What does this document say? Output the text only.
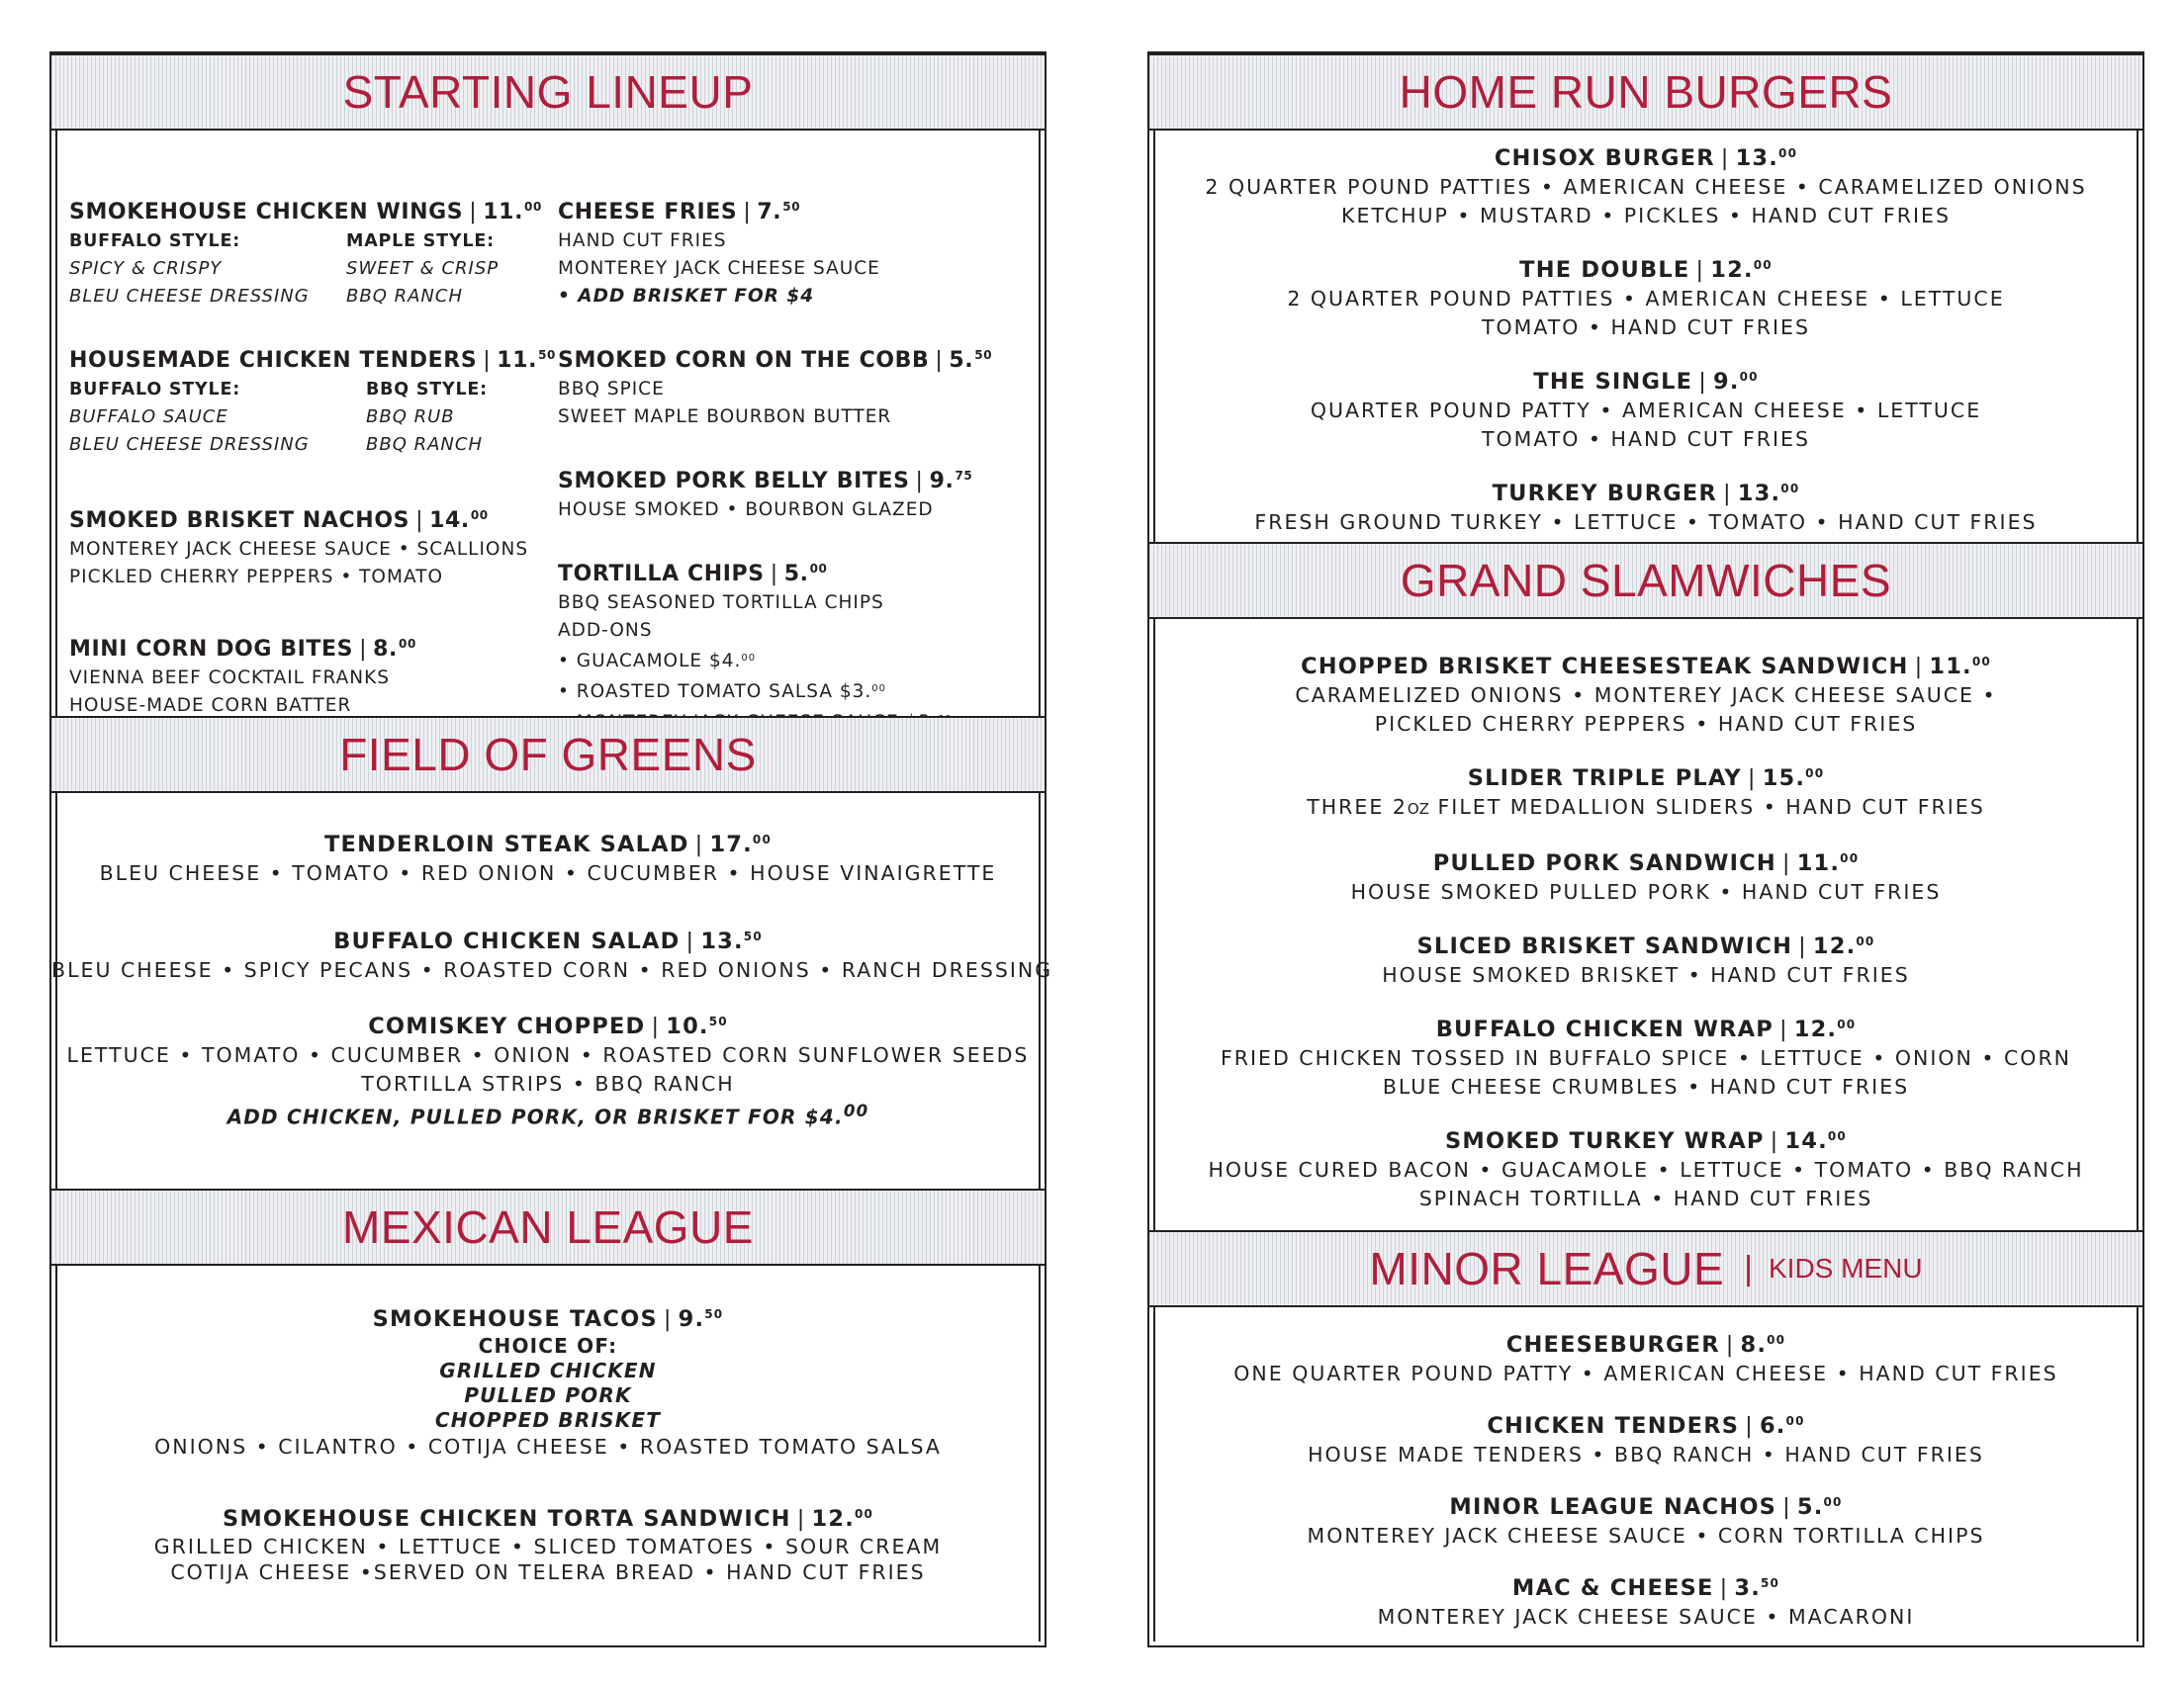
STARTING LINEUP
SMOKEHOUSE CHICKEN WINGS | 11.00
BUFFALO STYLE:
SPICY & CRISPY
BLEU CHEESE DRESSING
MAPLE STYLE:
SWEET & CRISP
BBQ RANCH
HOUSEMADE CHICKEN TENDERS | 11.50
BUFFALO STYLE:
BUFFALO SAUCE
BLEU CHEESE DRESSING
BBQ STYLE:
BBQ RUB
BBQ RANCH
SMOKED BRISKET NACHOS | 14.00
MONTEREY JACK CHEESE SAUCE • SCALLIONS
PICKLED CHERRY PEPPERS • TOMATO
MINI CORN DOG BITES | 8.00
VIENNA BEEF COCKTAIL FRANKS
HOUSE-MADE CORN BATTER
CHEESE FRIES | 7.50
HAND CUT FRIES
MONTEREY JACK CHEESE SAUCE
• ADD BRISKET FOR $4
SMOKED CORN ON THE COBB | 5.50
BBQ SPICE
SWEET MAPLE BOURBON BUTTER
SMOKED PORK BELLY BITES | 9.75
HOUSE SMOKED • BOURBON GLAZED
TORTILLA CHIPS | 5.00
BBQ SEASONED TORTILLA CHIPS
ADD-ONS
• GUACAMOLE $4.00
• ROASTED TOMATO SALSA $3.00
FIELD OF GREENS
TENDERLOIN STEAK SALAD | 17.00
BLEU CHEESE • TOMATO • RED ONION • CUCUMBER • HOUSE VINAIGRETTE
BUFFALO CHICKEN SALAD | 13.50
BLEU CHEESE • SPICY PECANS • ROASTED CORN • RED ONIONS • RANCH DRESSING
COMISKEY CHOPPED | 10.50
LETTUCE • TOMATO • CUCUMBER • ONION • ROASTED CORN SUNFLOWER SEEDS
TORTILLA STRIPS • BBQ RANCH
ADD CHICKEN, PULLED PORK, OR BRISKET FOR $4.00
MEXICAN LEAGUE
SMOKEHOUSE TACOS | 9.50
CHOICE OF:
GRILLED CHICKEN
PULLED PORK
CHOPPED BRISKET
ONIONS • CILANTRO • COTIJA CHEESE • ROASTED TOMATO SALSA
SMOKEHOUSE CHICKEN TORTA SANDWICH | 12.00
GRILLED CHICKEN • LETTUCE • SLICED TOMATOES • SOUR CREAM
COTIJA CHEESE •SERVED ON TELERA BREAD • HAND CUT FRIES
HOME RUN BURGERS
CHISOX BURGER | 13.00
2 QUARTER POUND PATTIES • AMERICAN CHEESE • CARAMELIZED ONIONS
KETCHUP • MUSTARD • PICKLES • HAND CUT FRIES
THE DOUBLE | 12.00
2 QUARTER POUND PATTIES • AMERICAN CHEESE • LETTUCE
TOMATO • HAND CUT FRIES
THE SINGLE | 9.00
QUARTER POUND PATTY • AMERICAN CHEESE • LETTUCE
TOMATO • HAND CUT FRIES
TURKEY BURGER | 13.00
FRESH GROUND TURKEY • LETTUCE • TOMATO • HAND CUT FRIES
GRAND SLAMWICHES
CHOPPED BRISKET CHEESESTEAK SANDWICH | 11.00
CARAMELIZED ONIONS • MONTEREY JACK CHEESE SAUCE •
PICKLED CHERRY PEPPERS • HAND CUT FRIES
SLIDER TRIPLE PLAY | 15.00
THREE 2OZ FILET MEDALLION SLIDERS • HAND CUT FRIES
PULLED PORK SANDWICH | 11.00
HOUSE SMOKED PULLED PORK • HAND CUT FRIES
SLICED BRISKET SANDWICH | 12.00
HOUSE SMOKED BRISKET • HAND CUT FRIES
BUFFALO CHICKEN WRAP | 12.00
FRIED CHICKEN TOSSED IN BUFFALO SPICE • LETTUCE • ONION • CORN
BLUE CHEESE CRUMBLES • HAND CUT FRIES
SMOKED TURKEY WRAP | 14.00
HOUSE CURED BACON • GUACAMOLE • LETTUCE • TOMATO • BBQ RANCH
SPINACH TORTILLA • HAND CUT FRIES
MINOR LEAGUE | KIDS MENU
CHEESEBURGER | 8.00
ONE QUARTER POUND PATTY • AMERICAN CHEESE • HAND CUT FRIES
CHICKEN TENDERS | 6.00
HOUSE MADE TENDERS • BBQ RANCH • HAND CUT FRIES
MINOR LEAGUE NACHOS | 5.00
MONTEREY JACK CHEESE SAUCE • CORN TORTILLA CHIPS
MAC & CHEESE | 3.50
MONTEREY JACK CHEESE SAUCE • MACARONI
